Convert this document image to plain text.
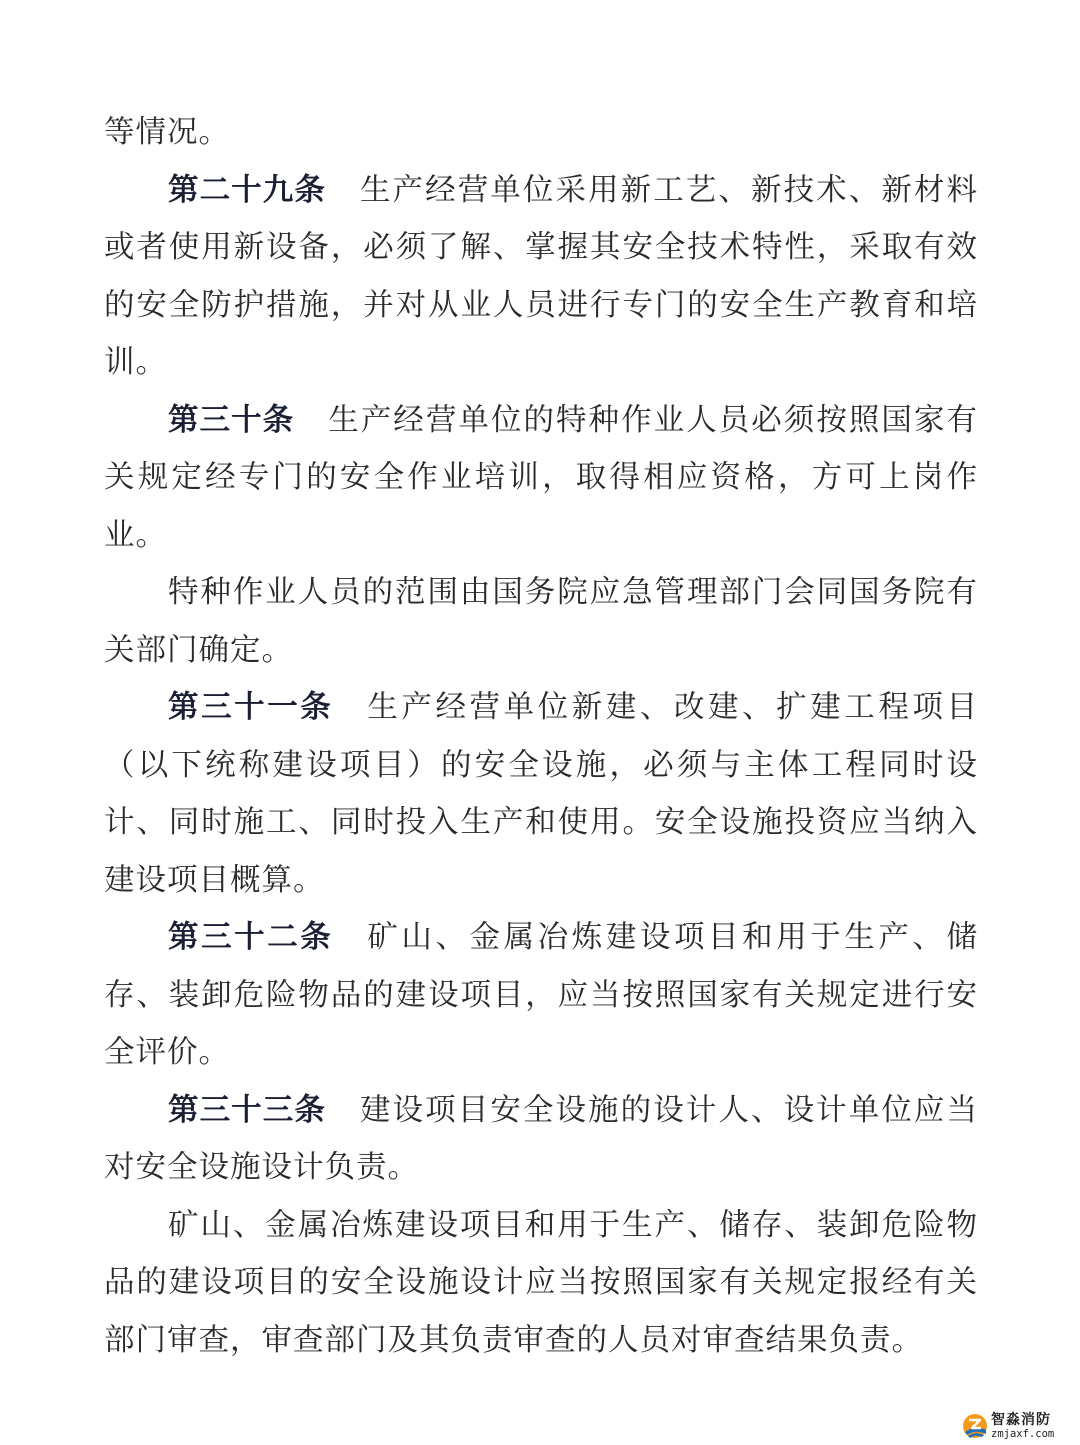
等情况。

第二十九条 生产经营单位采用新工艺、新技术、新材料或者使用新设备，必须了解、掌握其安全技术特性，采取有效的安全防护措施，并对从业人员进行专门的安全生产教育和培训。

第三十条 生产经营单位的特种作业人员必须按照国家有关规定经专门的安全作业培训，取得相应资格，方可上岗作业。

特种作业人员的范围由国务院应急管理部门会同国务院有关部门确定。

第三十一条 生产经营单位新建、改建、扩建工程项目（以下统称建设项目）的安全设施，必须与主体工程同时设计、同时施工、同时投入生产和使用。安全设施投资应当纳入建设项目概算。

第三十二条 矿山、金属冶炼建设项目和用于生产、储存、装卸危险物品的建设项目，应当按照国家有关规定进行安全评价。

第三十三条 建设项目安全设施的设计人、设计单位应当对安全设施设计负责。

矿山、金属冶炼建设项目和用于生产、储存、装卸危险物品的建设项目的安全设施设计应当按照国家有关规定报经有关部门审查，审查部门及其负责审查的人员对审查结果负责。

智淼消防
zmjaxf.com
